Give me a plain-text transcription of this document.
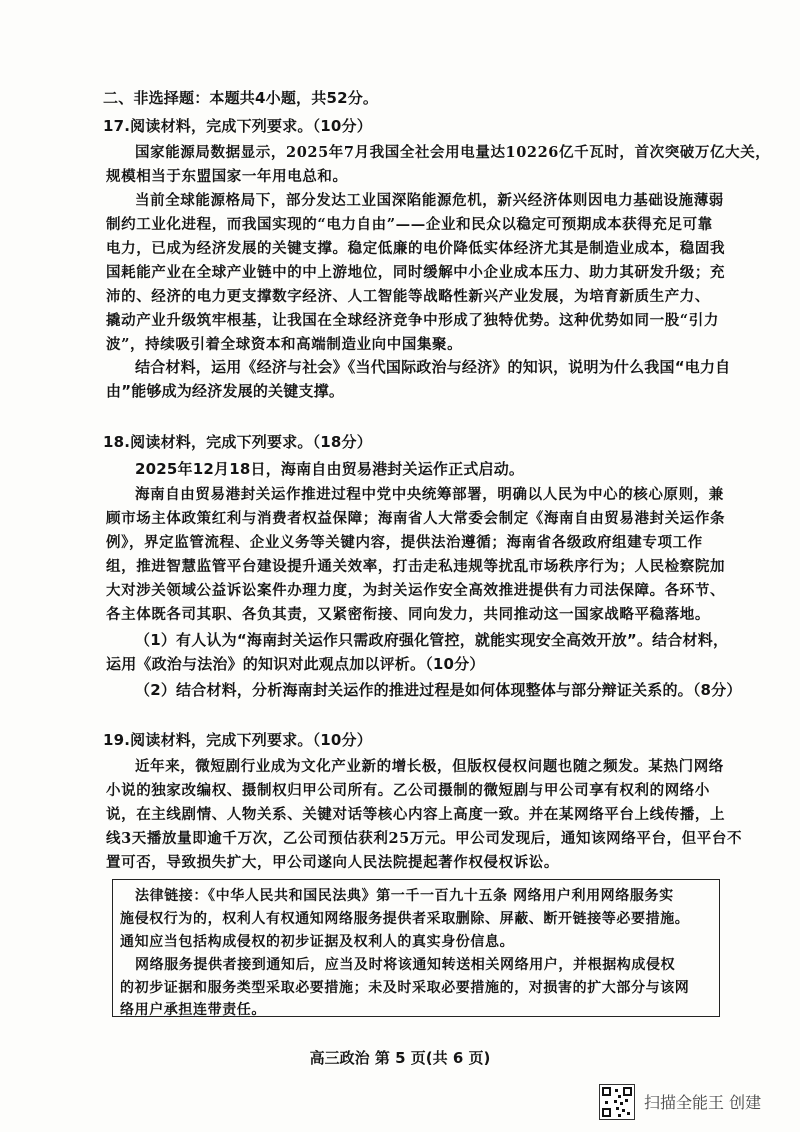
二、非选择题：本题共4小题，共52分。
17.阅读材料，完成下列要求。（10分）
国家能源局数据显示，2025年7月我国全社会用电量达10226亿千瓦时，首次突破万亿大关，
规模相当于东盟国家一年用电总和。
当前全球能源格局下，部分发达工业国深陷能源危机，新兴经济体则因电力基础设施薄弱
制约工业化进程，而我国实现的“电力自由”——企业和民众以稳定可预期成本获得充足可靠
电力，已成为经济发展的关键支撑。稳定低廉的电价降低实体经济尤其是制造业成本，稳固我
国耗能产业在全球产业链中的中上游地位，同时缓解中小企业成本压力、助力其研发升级；充
沛的、经济的电力更支撑数字经济、人工智能等战略性新兴产业发展，为培育新质生产力、
撬动产业升级筑牢根基，让我国在全球经济竞争中形成了独特优势。这种优势如同一股“引力
波”，持续吸引着全球资本和高端制造业向中国集聚。
结合材料，运用《经济与社会》《当代国际政治与经济》的知识，说明为什么我国“电力自
由”能够成为经济发展的关键支撑。
18.阅读材料，完成下列要求。（18分）
2025年12月18日，海南自由贸易港封关运作正式启动。
海南自由贸易港封关运作推进过程中党中央统筹部署，明确以人民为中心的核心原则，兼
顾市场主体政策红利与消费者权益保障；海南省人大常委会制定《海南自由贸易港封关运作条
例》，界定监管流程、企业义务等关键内容，提供法治遵循；海南省各级政府组建专项工作
组，推进智慧监管平台建设提升通关效率，打击走私违规等扰乱市场秩序行为；人民检察院加
大对涉关领域公益诉讼案件办理力度，为封关运作安全高效推进提供有力司法保障。各环节、
各主体既各司其职、各负其责，又紧密衔接、同向发力，共同推动这一国家战略平稳落地。
（1）有人认为“海南封关运作只需政府强化管控，就能实现安全高效开放”。结合材料，
运用《政治与法治》的知识对此观点加以评析。（10分）
（2）结合材料，分析海南封关运作的推进过程是如何体现整体与部分辩证关系的。（8分）
19.阅读材料，完成下列要求。（10分）
近年来，微短剧行业成为文化产业新的增长极，但版权侵权问题也随之频发。某热门网络
小说的独家改编权、摄制权归甲公司所有。乙公司摄制的微短剧与甲公司享有权利的网络小
说，在主线剧情、人物关系、关键对话等核心内容上高度一致。并在某网络平台上线传播，上
线3天播放量即逾千万次，乙公司预估获利25万元。甲公司发现后，通知该网络平台，但平台不
置可否，导致损失扩大，甲公司遂向人民法院提起著作权侵权诉讼。
法律链接：《中华人民共和国民法典》第一千一百九十五条 网络用户利用网络服务实
施侵权行为的，权利人有权通知网络服务提供者采取删除、屏蔽、断开链接等必要措施。
通知应当包括构成侵权的初步证据及权利人的真实身份信息。
网络服务提供者接到通知后，应当及时将该通知转送相关网络用户，并根据构成侵权
的初步证据和服务类型采取必要措施；未及时采取必要措施的，对损害的扩大部分与该网
络用户承担连带责任。
高三政治 第 5 页(共 6 页)
扫描全能王 创建
